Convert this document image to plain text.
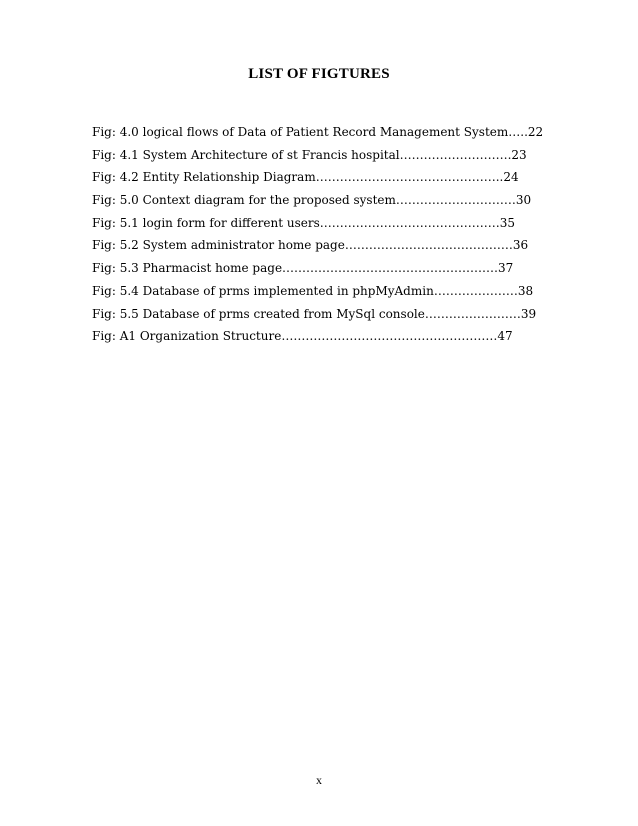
LIST OF FIGTURES
Fig: 4.0 logical flows of Data of Patient Record Management System…..22
Fig: 4.1 System Architecture of st Francis hospital……………………….23
Fig: 4.2 Entity Relationship Diagram………………………………………..24
Fig: 5.0 Context diagram for the proposed system…………………………30
Fig: 5.1 login form for different users………………………………………35
Fig: 5.2 System administrator home page……………………………………36
Fig: 5.3 Pharmacist home page………………………………………………37
Fig: 5.4 Database of prms implemented in phpMyAdmin…………………38
Fig: 5.5 Database of prms created from MySql console……………………39
Fig: A1 Organization Structure………………………………………………47
x
